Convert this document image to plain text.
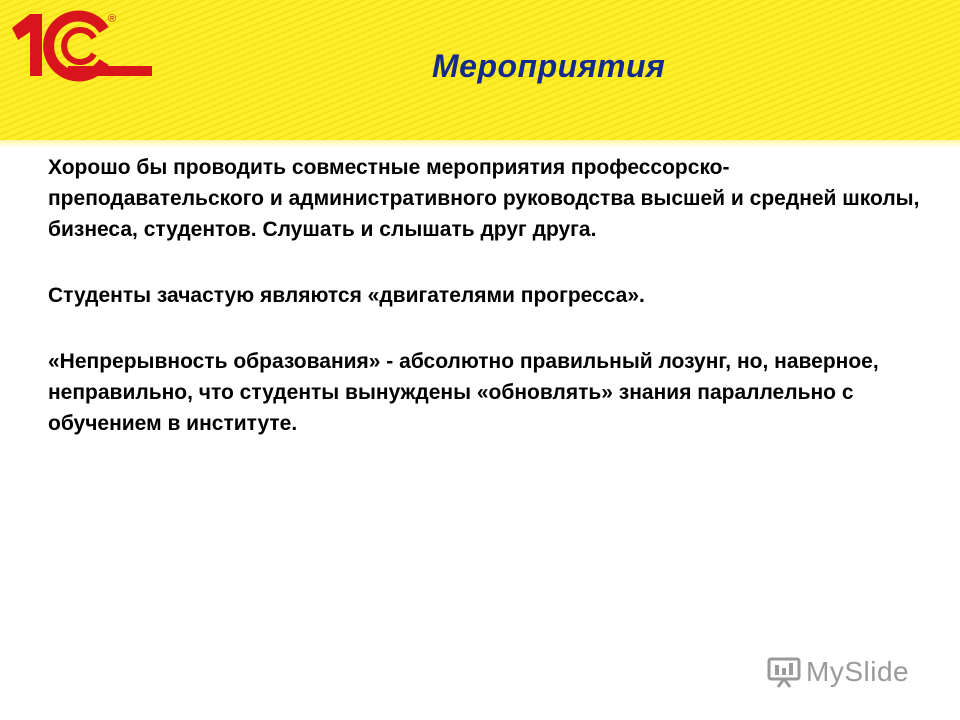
®
Мероприятия

Хорошо бы проводить совместные мероприятия профессорско-преподавательского и административного руководства высшей и средней школы, бизнеса, студентов. Слушать и слышать друг друга.

Студенты зачастую являются «двигателями прогресса».

«Непрерывность образования» - абсолютно правильный лозунг, но, наверное, неправильно, что студенты вынуждены «обновлять» знания параллельно с обучением в институте.

MySlide
